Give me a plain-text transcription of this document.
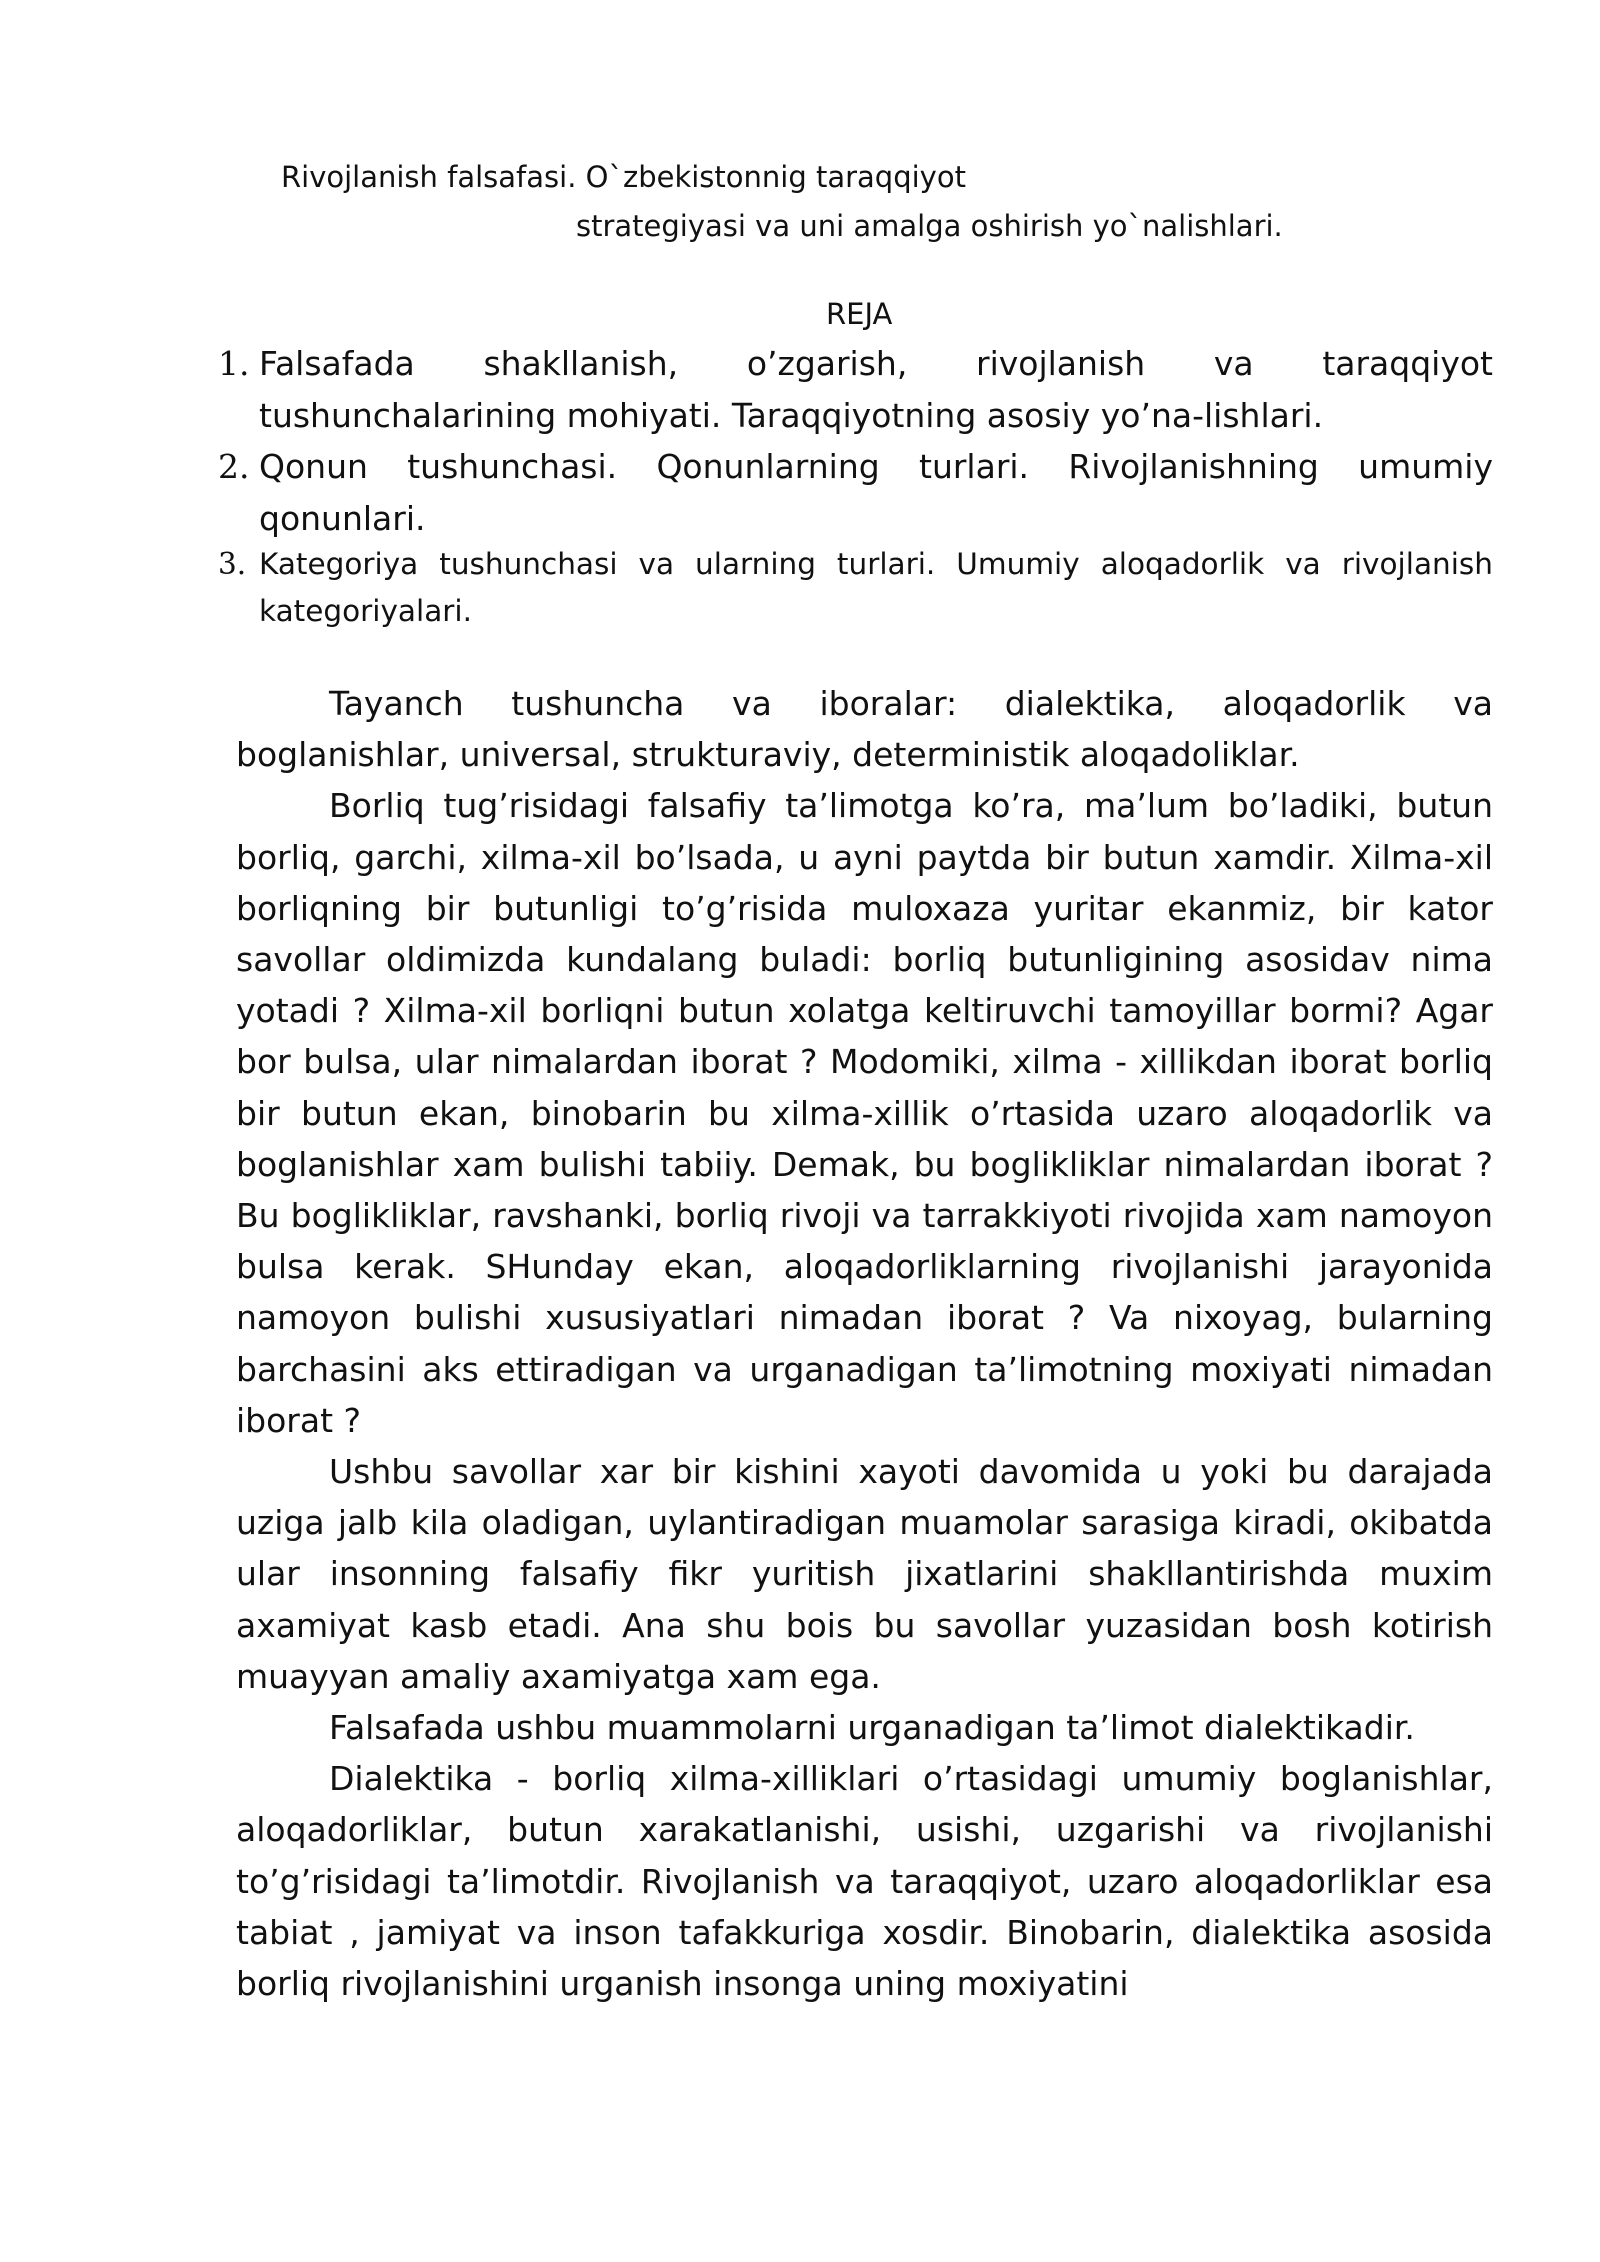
Rivojlanish falsafasi. O`zbekistonnig taraqqiyot
strategiyasi va uni amalga oshirish yo`nalishlari.
REJA
1. Falsafada shakllanish, o’zgarish, rivojlanish va taraqqiyot tushunchalarining mohiyati. Taraqqiyotning asosiy yo’na-lishlari.
2. Qonun tushunchasi. Qonunlarning turlari. Rivojlanishning umumiy qonunlari.
3. Kategoriya tushunchasi va ularning turlari. Umumiy aloqadorlik va rivojlanish kategoriyalari.

Tayanch tushuncha va iboralar: dialektika, aloqadorlik va boglanishlar, universal, strukturaviy, deterministik aloqadoliklar.

Borliq tug’risidagi falsafiy ta’limotga ko’ra, ma’lum bo’ladiki, butun borliq, garchi, xilma-xil bo’lsada, u ayni paytda bir butun xamdir. Xilma-xil borliqning bir butunligi to’g’risida muloxaza yuritar ekanmiz, bir kator savollar oldimizda kundalang buladi: borliq butunligining asosidav nima yotadi ? Xilma-xil borliqni butun xolatga keltiruvchi tamoyillar bormi? Agar bor bulsa, ular nimalardan iborat ? Modomiki, xilma - xillikdan iborat borliq bir butun ekan, binobarin bu xilma-xillik o’rtasida uzaro aloqadorlik va boglanishlar xam bulishi tabiiy. Demak, bu boglikliklar nimalardan iborat ? Bu boglikliklar, ravshanki, borliq rivoji va tarrakkiyoti rivojida xam namoyon bulsa kerak. SHunday ekan, aloqadorliklarning rivojlanishi jarayonida namoyon bulishi xususiyatlari nimadan iborat ? Va nixoyag, bularning barchasini aks ettiradigan va urganadigan ta’limotning moxiyati nimadan iborat ?

Ushbu savollar xar bir kishini xayoti davomida u yoki bu darajada uziga jalb kila oladigan, uylantiradigan muamolar sarasiga kiradi, okibatda ular insonning falsafiy fikr yuritish jixatlarini shakllantirishda muxim axamiyat kasb etadi. Ana shu bois bu savollar yuzasidan bosh kotirish muayyan amaliy axamiyatga xam ega.

Falsafada ushbu muammolarni urganadigan ta’limot dialektikadir.

Dialektika - borliq xilma-xilliklari o’rtasidagi umumiy boglanishlar, aloqadorliklar, butun xarakatlanishi, usishi, uzgarishi va rivojlanishi to’g’risidagi ta’limotdir. Rivojlanish va taraqqiyot, uzaro aloqadorliklar esa tabiat , jamiyat va inson tafakkuriga xosdir. Binobarin, dialektika asosida borliq rivojlanishini urganish insonga uning moxiyatini
